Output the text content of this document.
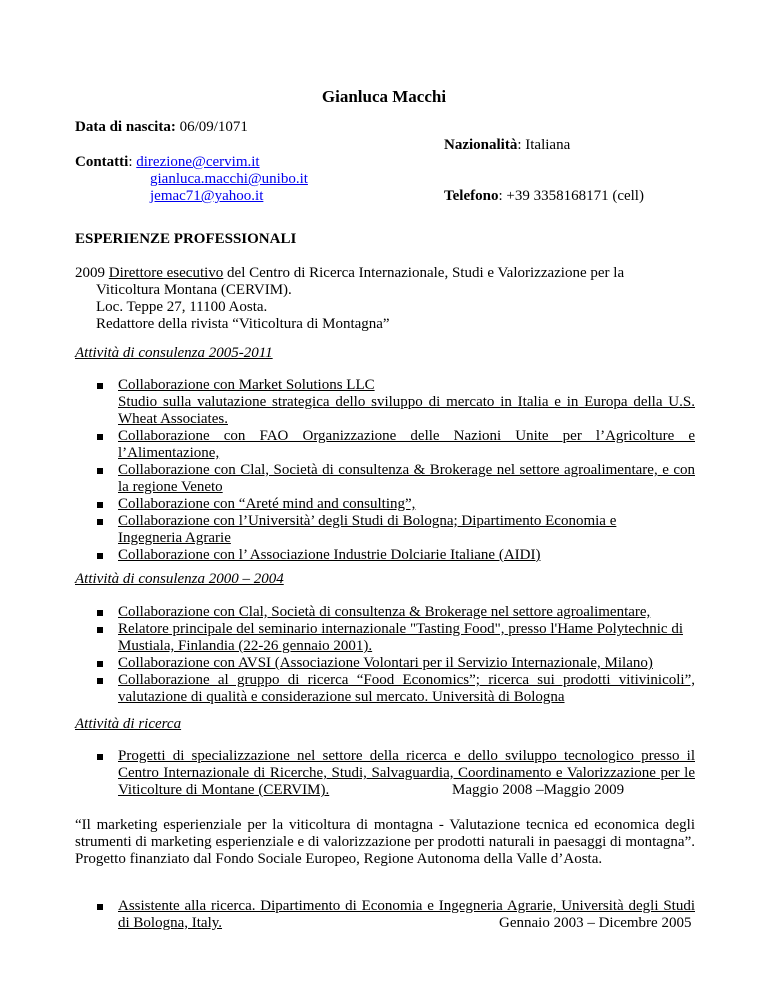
Gianluca Macchi
Data di nascita: 06/09/1071
Nazionalità: Italiana
Contatti: direzione@cervim.it
gianluca.macchi@unibo.it
jemac71@yahoo.it	Telefono: +39 3358168171 (cell)
ESPERIENZE PROFESSIONALI
2009 Direttore esecutivo del Centro di Ricerca Internazionale, Studi e Valorizzazione per la
Viticoltura Montana (CERVIM).
Loc. Teppe 27, 11100 Aosta.
Redattore della rivista “Viticoltura di Montagna”
Attività di consulenza 2005-2011
Collaborazione con Market Solutions LLC
Studio sulla valutazione strategica dello sviluppo di mercato in Italia e in Europa della U.S. Wheat Associates.
Collaborazione con FAO Organizzazione delle Nazioni Unite per l’Agricolture e l’Alimentazione,
Collaborazione con Clal, Società di consultenza & Brokerage nel settore agroalimentare, e con la regione Veneto
Collaborazione con “Areté mind and consulting”,
Collaborazione con l’Università’ degli Studi di Bologna; Dipartimento Economia e Ingegneria Agrarie
Collaborazione con l’ Associazione Industrie Dolciarie Italiane (AIDI)
Attività di consulenza 2000 – 2004
Collaborazione con Clal, Società di consultenza & Brokerage nel settore agroalimentare,
Relatore principale del seminario internazionale "Tasting Food", presso l'Hame Polytechnic di Mustiala, Finlandia (22-26 gennaio 2001).
Collaborazione con AVSI (Associazione Volontari per il Servizio Internazionale, Milano)
Collaborazione al gruppo di ricerca “Food Economics”; ricerca sui prodotti vitivinicoli”, valutazione di qualità e considerazione sul mercato. Università di Bologna
Attività di ricerca
Progetti di specializzazione nel settore della ricerca e dello sviluppo tecnologico presso il Centro Internazionale di Ricerche, Studi, Salvaguardia, Coordinamento e Valorizzazione per le Viticolture di Montane (CERVIM).	Maggio 2008 –Maggio 2009
“Il marketing esperienziale per la viticoltura di montagna - Valutazione tecnica ed economica degli strumenti di marketing esperienziale e di valorizzazione per prodotti naturali in paesaggi di montagna”. Progetto finanziato dal Fondo Sociale Europeo, Regione Autonoma della Valle d’Aosta.
Assistente alla ricerca. Dipartimento di Economia e Ingegneria Agrarie, Università degli Studi di Bologna, Italy.	Gennaio 2003 – Dicembre 2005
